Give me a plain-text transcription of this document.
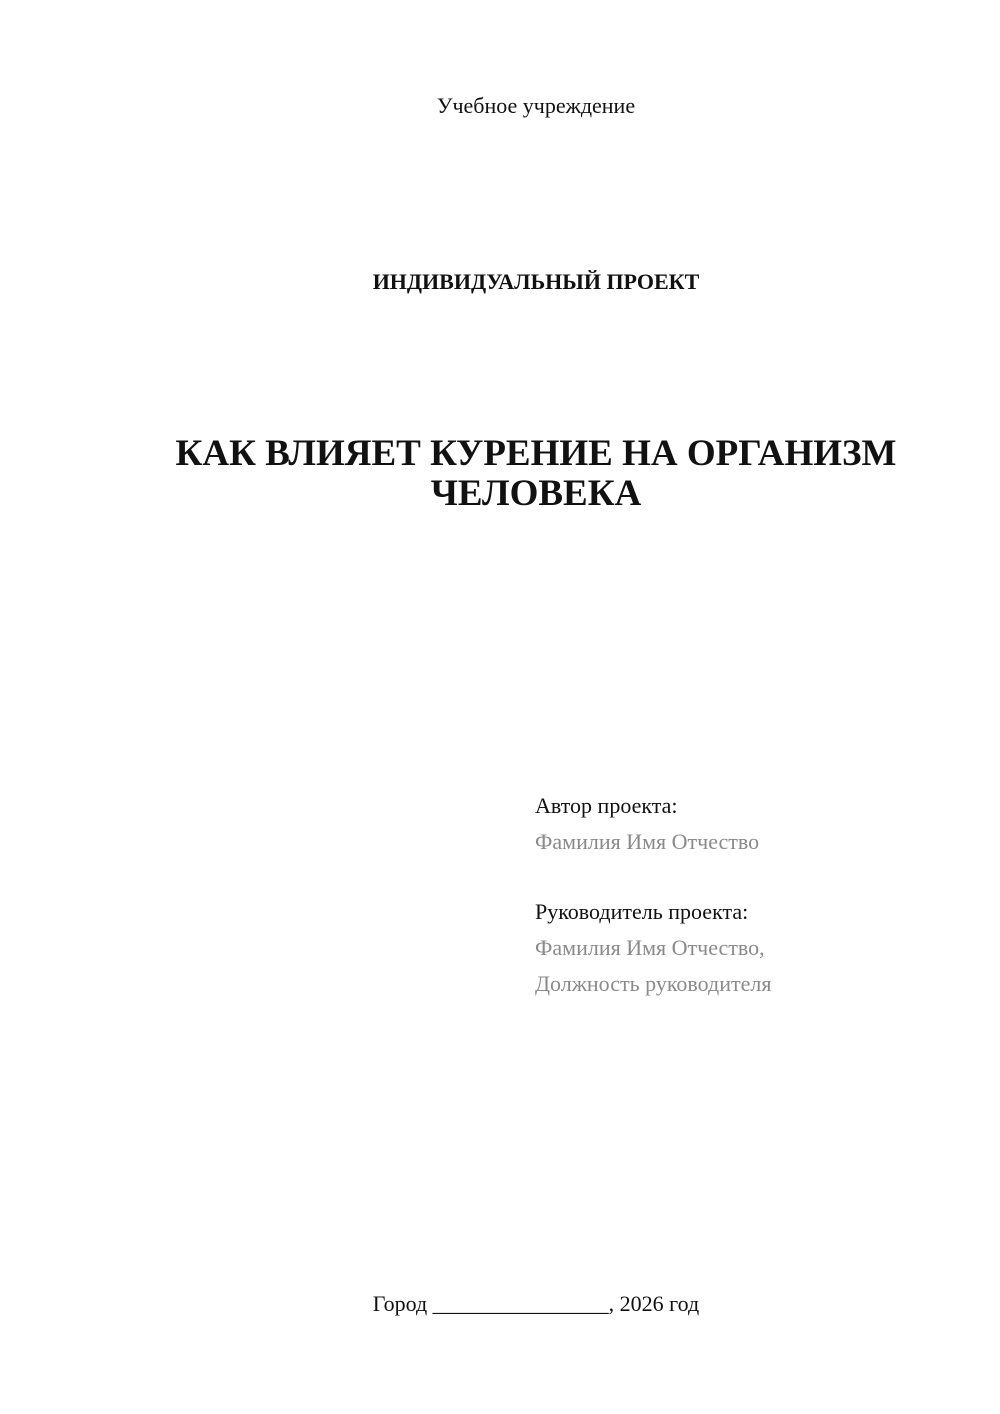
Учебное учреждение
ИНДИВИДУАЛЬНЫЙ ПРОЕКТ
КАК ВЛИЯЕТ КУРЕНИЕ НА ОРГАНИЗМ
ЧЕЛОВЕКА
Автор проекта:
Фамилия Имя Отчество
Руководитель проекта:
Фамилия Имя Отчество,
Должность руководителя
Город ________________, 2026 год
